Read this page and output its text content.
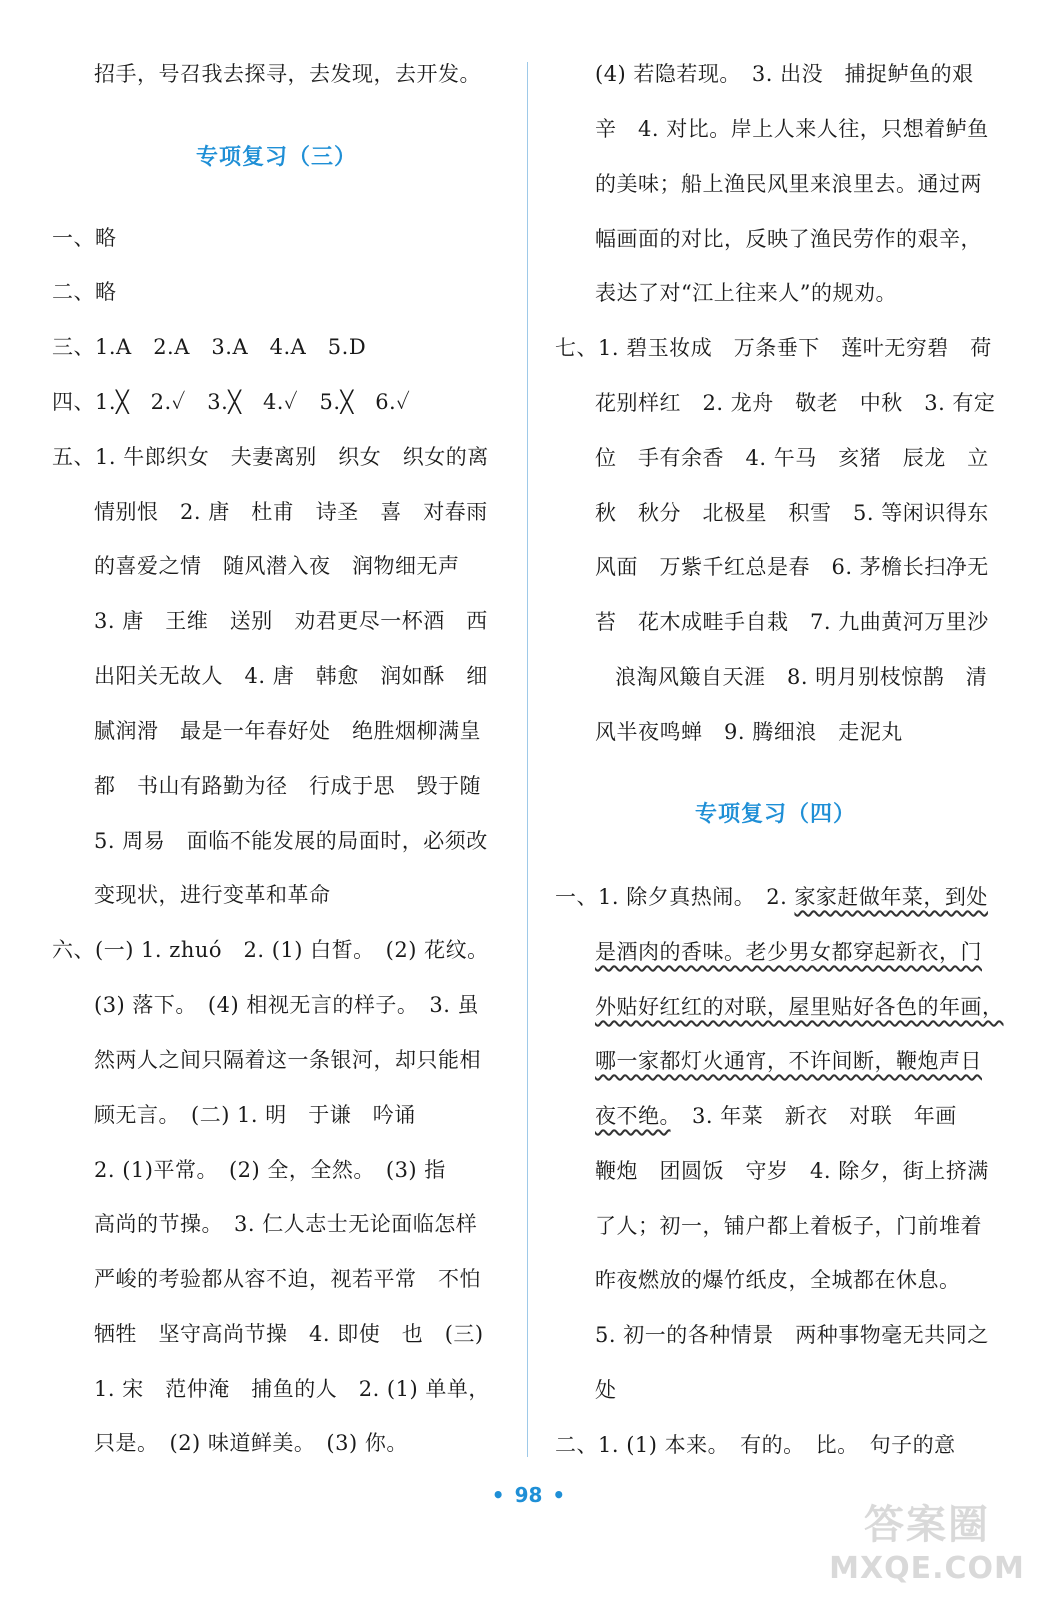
招手，号召我去探寻，去发现，去开发。
专项复习（三）
一、略
二、略
三、1.A　2.A　3.A　4.A　5.D
四、1.╳　2.✓　3.╳　4.✓　5.╳　6.✓
五、1. 牛郎织女　夫妻离别　织女　织女的离
情别恨　2. 唐　杜甫　诗圣　喜　对春雨
的喜爱之情　随风潜入夜　润物细无声
3. 唐　王维　送别　劝君更尽一杯酒　西
出阳关无故人　4. 唐　韩愈　润如酥　细
腻润滑　最是一年春好处　绝胜烟柳满皇
都　书山有路勤为径　行成于思　毁于随
5. 周易　面临不能发展的局面时，必须改
变现状，进行变革和革命
六、(一) 1. zhuó　2. (1) 白皙。　(2) 花纹。
(3) 落下。　(4) 相视无言的样子。　3. 虽
然两人之间只隔着这一条银河，却只能相
顾无言。　(二) 1. 明　于谦　吟诵
2. (1)平常。　(2) 全，全然。　(3) 指
高尚的节操。　3. 仁人志士无论面临怎样
严峻的考验都从容不迫，视若平常　不怕
牺牲　坚守高尚节操　4. 即使　也　(三)
1. 宋　范仲淹　捕鱼的人　2. (1) 单单，
只是。　(2) 味道鲜美。　(3) 你。
(4) 若隐若现。　3. 出没　捕捉鲈鱼的艰
辛　4. 对比。岸上人来人往，只想着鲈鱼
的美味；船上渔民风里来浪里去。通过两
幅画面的对比，反映了渔民劳作的艰辛，
表达了对“江上往来人”的规劝。
七、1. 碧玉妆成　万条垂下　莲叶无穷碧　荷
花别样红　2. 龙舟　敬老　中秋　3. 有定
位　手有余香　4. 午马　亥猪　辰龙　立
秋　秋分　北极星　积雪　5. 等闲识得东
风面　万紫千红总是春　6. 茅檐长扫净无
苔　花木成畦手自栽　7. 九曲黄河万里沙
浪淘风簸自天涯　8. 明月别枝惊鹊　清
风半夜鸣蝉　9. 腾细浪　走泥丸
专项复习（四）
一、1. 除夕真热闹。　2. 家家赶做年菜，到处
是酒肉的香味。老少男女都穿起新衣，门
外贴好红红的对联，屋里贴好各色的年画，
哪一家都灯火通宵，不许间断，鞭炮声日
夜不绝。　3. 年菜　新衣　对联　年画
鞭炮　团圆饭　守岁　4. 除夕，街上挤满
了人；初一，铺户都上着板子，门前堆着
昨夜燃放的爆竹纸皮，全城都在休息。
5. 初一的各种情景　两种事物毫无共同之
处
二、1. (1) 本来。　有的。　比。　句子的意
• 98 •
答案圈
MXQE.COM
